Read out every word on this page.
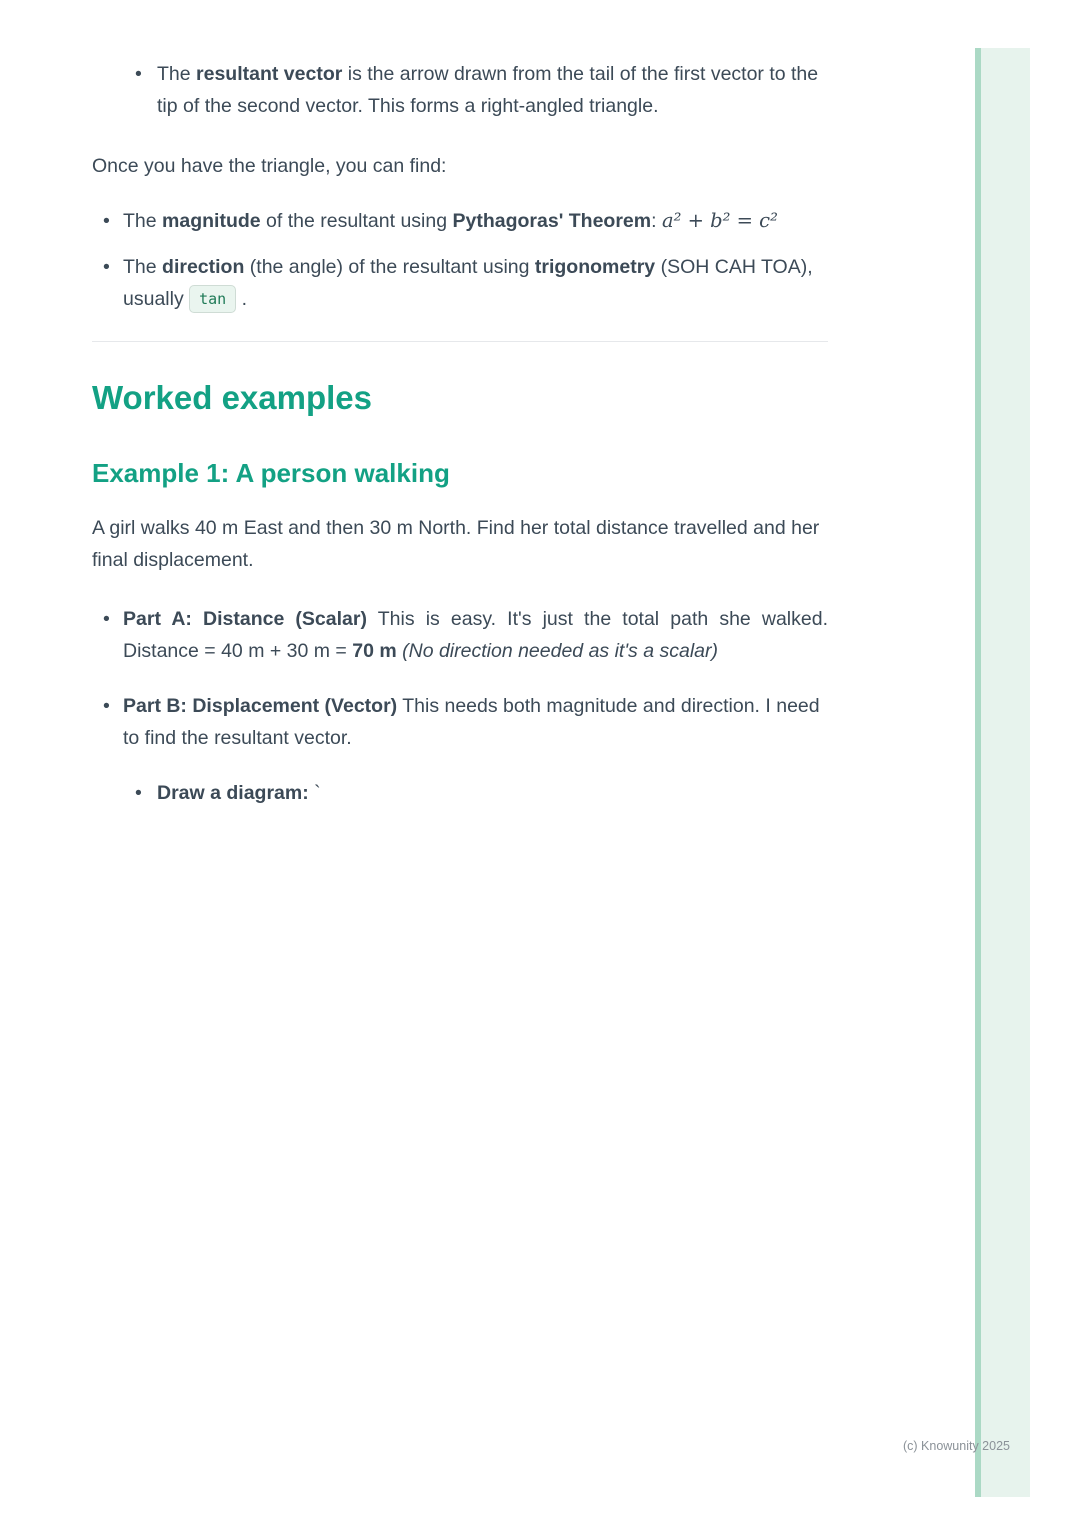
•
The resultant vector is the arrow drawn from the tail of the first vector to the tip of the second vector. This forms a right-angled triangle.

Once you have the triangle, you can find:

•
The magnitude of the resultant using Pythagoras' Theorem: a² + b² = c²
•
The direction (the angle) of the resultant using trigonometry (SOH CAH TOA), usually tan .
Worked examples
Example 1: A person walking

A girl walks 40 m East and then 30 m North. Find her total distance travelled and her final displacement.

•
Part A: Distance (Scalar) This is easy. It's just the total path she walked. Distance = 40 m + 30 m = 70 m (No direction needed as it's a scalar)
•
Part B: Displacement (Vector) This needs both magnitude and direction. I need to find the resultant vector.
•
Draw a diagram: `
(c) Knowunity 2025
